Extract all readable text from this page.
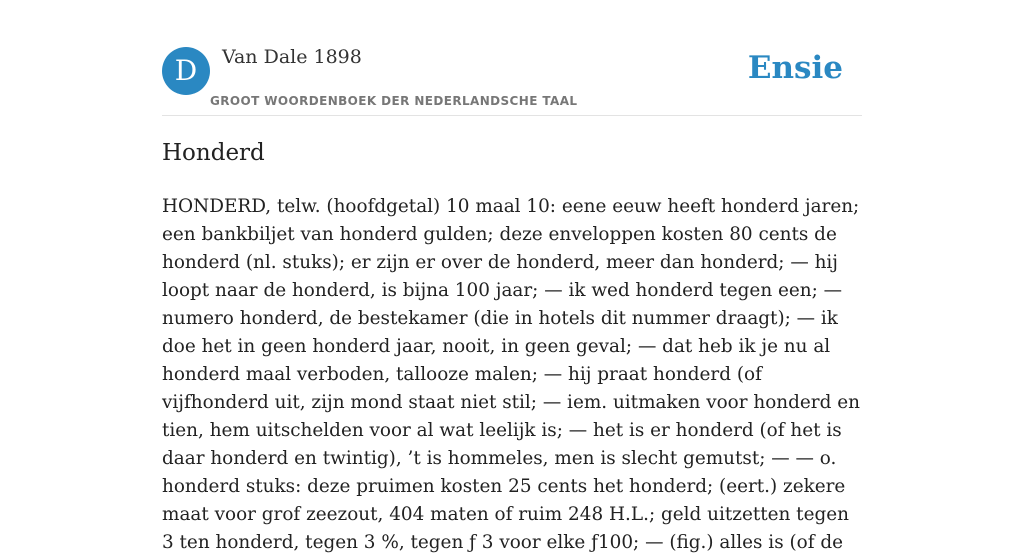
D	Van Dale 1898
GROOT WOORDENBOEK DER NEDERLANDSCHE TAAL
Ensie
Honderd

HONDERD, telw. (hoofdgetal) 10 maal 10: eene eeuw heeft honderd jaren; een bankbiljet van honderd gulden; deze enveloppen kosten 80 cents de honderd (nl. stuks); er zijn er over de honderd, meer dan honderd; — hij loopt naar de honderd, is bijna 100 jaar; — ik wed honderd tegen een; — numero honderd, de bestekamer (die in hotels dit nummer draagt); — ik doe het in geen honderd jaar, nooit, in geen geval; — dat heb ik je nu al honderd maal verboden, tallooze malen; — hij praat honderd (of vijfhonderd uit, zijn mond staat niet stil; — iem. uitmaken voor honderd en tien, hem uitschelden voor al wat leelijk is; — het is er honderd (of het is daar honderd en twintig), ’t is hommeles, men is slecht gemutst; — — o. honderd stuks: deze pruimen kosten 25 cents het honderd; (eert.) zekere maat voor grof zeezout, 404 maten of ruim 248 H.L.; geld uitzetten tegen 3 ten honderd, tegen 3 %, tegen ƒ 3 voor elke ƒ100; — (fig.) alles is (of de
